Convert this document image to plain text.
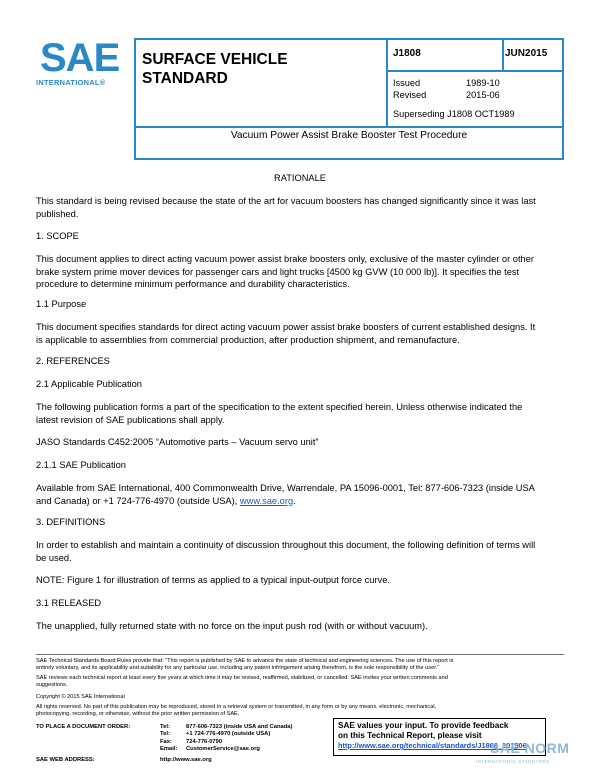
SAE
INTERNATIONAL®
SURFACE VEHICLE
STANDARD
J1808	JUN2015
Issued	1989-10
Revised	2015-06
Superseding J1808 OCT1989
Vacuum Power Assist Brake Booster Test Procedure
RATIONALE
This standard is being revised because the state of the art for vacuum boosters has changed significantly since it was last
published.
1. SCOPE
This document applies to direct acting vacuum power assist brake boosters only, exclusive of the master cylinder or other
brake system prime mover devices for passenger cars and light trucks [4500 kg GVW (10 000 lb)]. It specifies the test
procedure to determine minimum performance and durability characteristics.
1.1 Purpose
This document specifies standards for direct acting vacuum power assist brake boosters of current established designs. It
is applicable to assemblies from commercial production, after production shipment, and remanufacture.
2. REFERENCES
2.1 Applicable Publication
The following publication forms a part of the specification to the extent specified herein. Unless otherwise indicated the
latest revision of SAE publications shall apply.
JASO Standards C452:2005 “Automotive parts – Vacuum servo unit”
2.1.1 SAE Publication
Available from SAE International, 400 Commonwealth Drive, Warrendale, PA 15096-0001, Tel: 877-606-7323 (inside USA
and Canada) or +1 724-776-4970 (outside USA), www.sae.org.
3. DEFINITIONS
In order to establish and maintain a continuity of discussion throughout this document, the following definition of terms will
be used.
NOTE: Figure 1 for illustration of terms as applied to a typical input-output force curve.
3.1 RELEASED
The unapplied, fully returned state with no force on the input push rod (with or without vacuum).
SAE Technical Standards Board Rules provide that: “This report is published by SAE to advance the state of technical and engineering sciences. The use of this report is
entirely voluntary, and its applicability and suitability for any particular use, including any patent infringement arising therefrom, is the sole responsibility of the user.”
SAE reviews each technical report at least every five years at which time it may be revised, reaffirmed, stabilized, or cancelled. SAE invites your written comments and
suggestions.
Copyright © 2015 SAE International
All rights reserved. No part of this publication may be reproduced, stored in a retrieval system or transmitted, in any form or by any means, electronic, mechanical,
photocopying, recording, or otherwise, without the prior written permission of SAE.
TO PLACE A DOCUMENT ORDER:	Tel:	877-606-7323 (inside USA and Canada)
Tel:	+1 724-776-4970 (outside USA)
Fax: 724-776-0790
Email: CustomerService@sae.org
SAE WEB ADDRESS:	http://www.sae.org
SAE values your input. To provide feedback
on this Technical Report, please visit
http://www.sae.org/technical/standards/J1808_201506
SAE NORM
INTERNATIONAL STANDARDS
